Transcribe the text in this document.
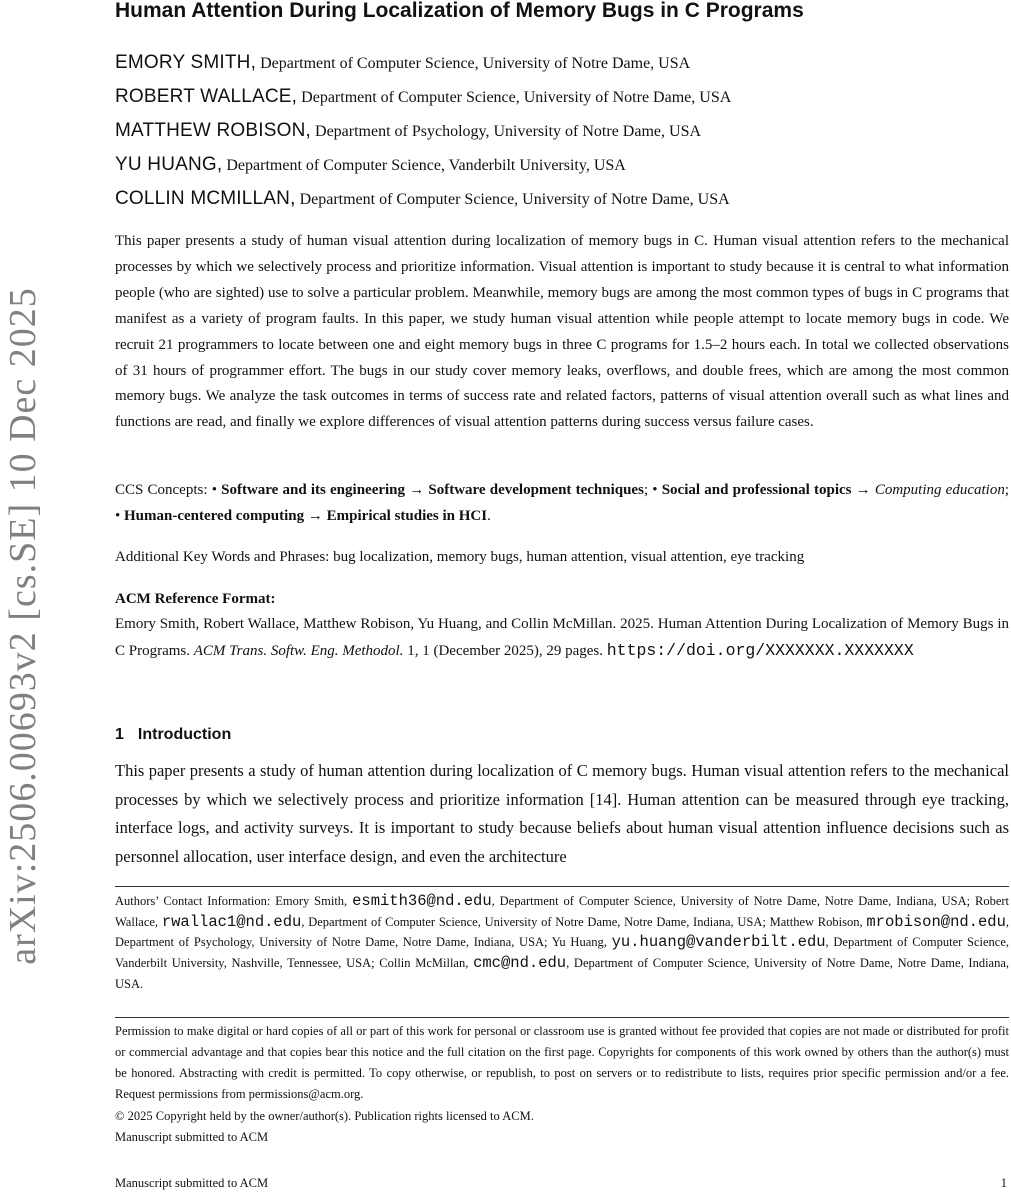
arXiv:2506.00693v2 [cs.SE] 10 Dec 2025
Human Attention During Localization of Memory Bugs in C Programs
EMORY SMITH, Department of Computer Science, University of Notre Dame, USA
ROBERT WALLACE, Department of Computer Science, University of Notre Dame, USA
MATTHEW ROBISON, Department of Psychology, University of Notre Dame, USA
YU HUANG, Department of Computer Science, Vanderbilt University, USA
COLLIN MCMILLAN, Department of Computer Science, University of Notre Dame, USA

This paper presents a study of human visual attention during localization of memory bugs in C. Human visual attention refers to the mechanical processes by which we selectively process and prioritize information. Visual attention is important to study because it is central to what information people (who are sighted) use to solve a particular problem. Meanwhile, memory bugs are among the most common types of bugs in C programs that manifest as a variety of program faults. In this paper, we study human visual attention while people attempt to locate memory bugs in code. We recruit 21 programmers to locate between one and eight memory bugs in three C programs for 1.5–2 hours each. In total we collected observations of 31 hours of programmer effort. The bugs in our study cover memory leaks, overflows, and double frees, which are among the most common memory bugs. We analyze the task outcomes in terms of success rate and related factors, patterns of visual attention overall such as what lines and functions are read, and finally we explore differences of visual attention patterns during success versus failure cases.

CCS Concepts: • Software and its engineering → Software development techniques; • Social and professional topics → Computing education; • Human-centered computing → Empirical studies in HCI.

Additional Key Words and Phrases: bug localization, memory bugs, human attention, visual attention, eye tracking

ACM Reference Format:

Emory Smith, Robert Wallace, Matthew Robison, Yu Huang, and Collin McMillan. 2025. Human Attention During Localization of Memory Bugs in C Programs. ACM Trans. Softw. Eng. Methodol. 1, 1 (December 2025), 29 pages. https://doi.org/XXXXXXX.XXXXXXX

1 Introduction

This paper presents a study of human attention during localization of C memory bugs. Human visual attention refers to the mechanical processes by which we selectively process and prioritize information [14]. Human attention can be measured through eye tracking, interface logs, and activity surveys. It is important to study because beliefs about human visual attention influence decisions such as personnel allocation, user interface design, and even the architecture

Authors’ Contact Information: Emory Smith, esmith36@nd.edu, Department of Computer Science, University of Notre Dame, Notre Dame, Indiana, USA; Robert Wallace, rwallac1@nd.edu, Department of Computer Science, University of Notre Dame, Notre Dame, Indiana, USA; Matthew Robison, mrobison@nd.edu, Department of Psychology, University of Notre Dame, Notre Dame, Indiana, USA; Yu Huang, yu.huang@vanderbilt.edu, Department of Computer Science, Vanderbilt University, Nashville, Tennessee, USA; Collin McMillan, cmc@nd.edu, Department of Computer Science, University of Notre Dame, Notre Dame, Indiana, USA.

Permission to make digital or hard copies of all or part of this work for personal or classroom use is granted without fee provided that copies are not made or distributed for profit or commercial advantage and that copies bear this notice and the full citation on the first page. Copyrights for components of this work owned by others than the author(s) must be honored. Abstracting with credit is permitted. To copy otherwise, or republish, to post on servers or to redistribute to lists, requires prior specific permission and/or a fee. Request permissions from permissions@acm.org.

© 2025 Copyright held by the owner/author(s). Publication rights licensed to ACM.

Manuscript submitted to ACM

Manuscript submitted to ACM	1
